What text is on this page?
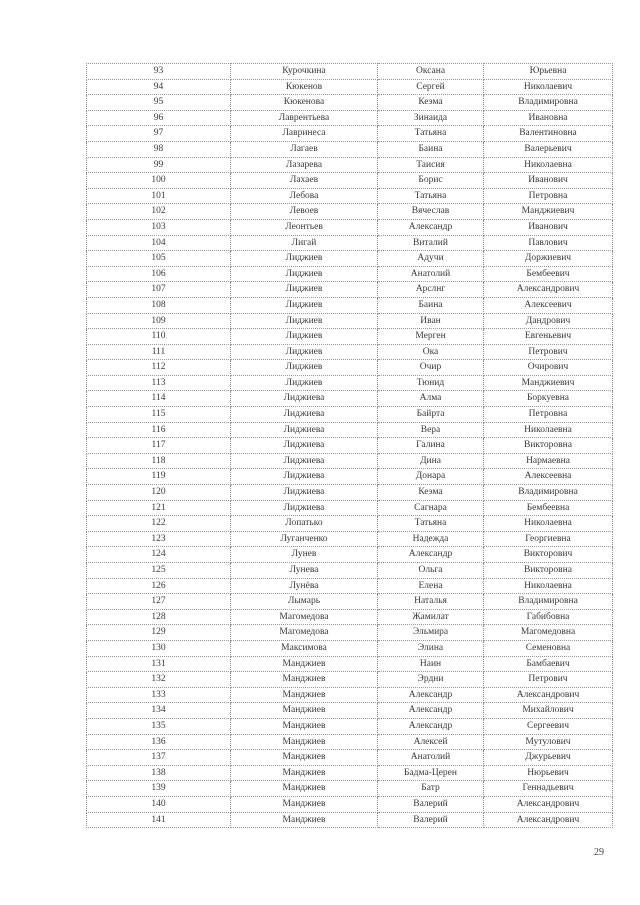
93	Курочкина	Оксана	Юрьевна
94	Кюкенов	Сергей	Николаевич
95	Кюкенова	Кеэма	Владимировна
96	Лаврентьева	Зинаида	Ивановна
97	Лавринеса	Татьяна	Валентиновна
98	Лагаев	Баина	Валерьевич
99	Лазарева	Таисия	Николаевна
100	Лахаев	Борис	Иванович
101	Лебова	Татьяна	Петровна
102	Левоев	Вячеслав	Манджиевич
103	Леонтьев	Александр	Иванович
104	Лигай	Виталий	Павлович
105	Лиджиев	Адучи	Доржиевич
106	Лиджиев	Анатолий	Бембеевич
107	Лиджиев	Арслнг	Александрович
108	Лиджиев	Баина	Алексеевич
109	Лиджиев	Иван	Дандрович
110	Лиджиев	Мерген	Евгеньевич
111	Лиджиев	Ока	Петрович
112	Лиджиев	Очир	Очирович
113	Лиджиев	Тюнид	Манджиевич
114	Лиджиева	Алма	Боркуевна
115	Лиджиева	Байрта	Петровна
116	Лиджиева	Вера	Николаевна
117	Лиджиева	Галина	Викторовна
118	Лиджиева	Дина	Нармаевна
119	Лиджиева	Донара	Алексеевна
120	Лиджиева	Кеэма	Владимировна
121	Лиджиева	Сагнара	Бембеевна
122	Лопатько	Татьяна	Николаевна
123	Луганченко	Надежда	Георгиевна
124	Лунев	Александр	Викторович
125	Лунева	Ольга	Викторовна
126	Лунёва	Елена	Николаевна
127	Лымарь	Наталья	Владимировна
128	Магомедова	Жамилат	Габибовна
129	Магомедова	Эльмира	Магомедовна
130	Максимова	Элина	Семеновна
131	Манджиев	Наин	Бамбаевич
132	Манджиев	Эрдни	Петрович
133	Манджиев	Александр	Александрович
134	Манджиев	Александр	Михайлович
135	Манджиев	Александр	Сергеевич
136	Манджиев	Алексей	Мутулович
137	Манджиев	Анатолий	Джурьевич
138	Манджиев	Бадма-Церен	Нюрьевич
139	Манджиев	Батр	Геннадьевич
140	Манджиев	Валерий	Александрович
141	Манджиев	Валерий	Александрович
29
